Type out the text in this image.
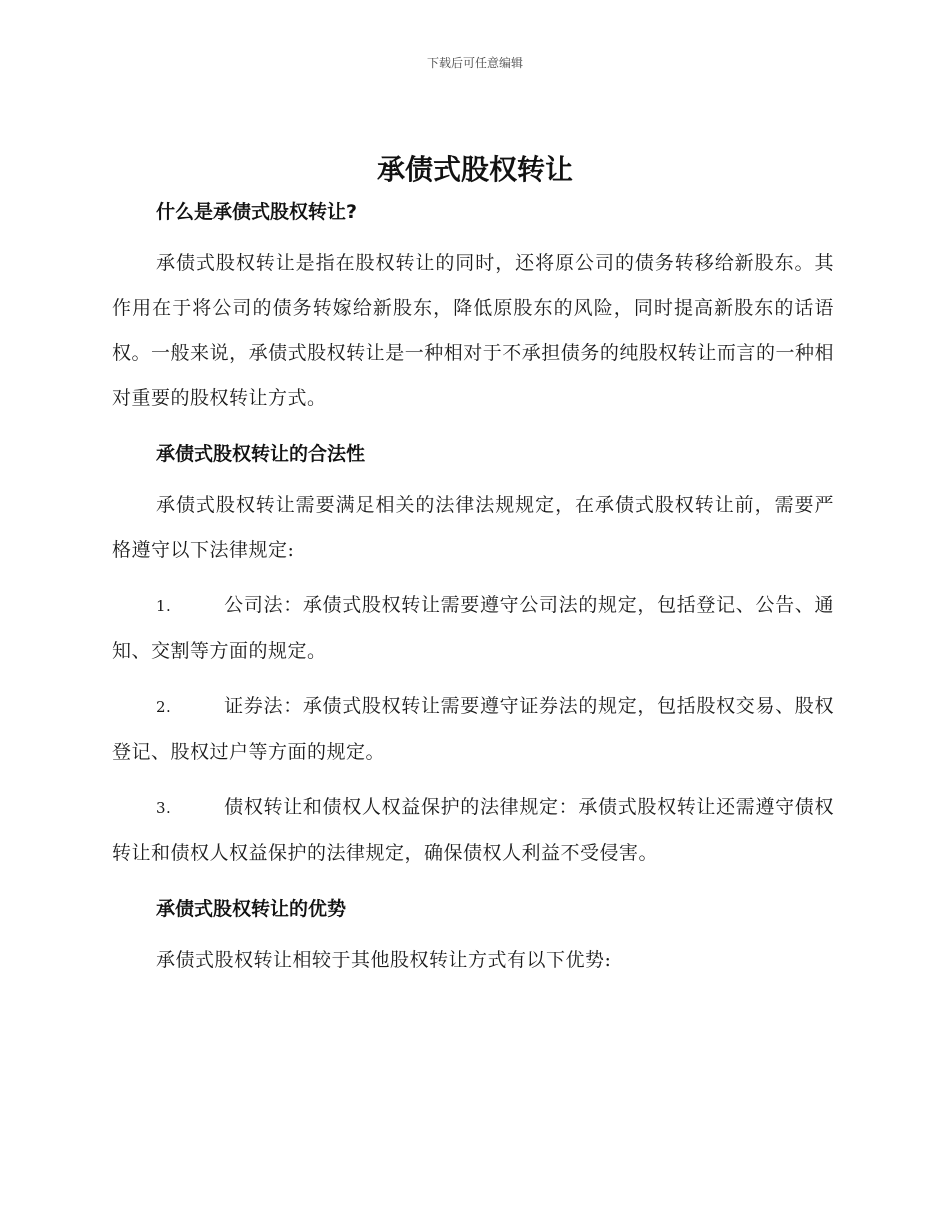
下载后可任意编辑
承债式股权转让

什么是承债式股权转让?

承债式股权转让是指在股权转让的同时，还将原公司的债务转移给新股东。其作用在于将公司的债务转嫁给新股东，降低原股东的风险，同时提高新股东的话语权。一般来说，承债式股权转让是一种相对于不承担债务的纯股权转让而言的一种相对重要的股权转让方式。

承债式股权转让的合法性

承债式股权转让需要满足相关的法律法规规定，在承债式股权转让前，需要严格遵守以下法律规定:

1.	公司法：承债式股权转让需要遵守公司法的规定，包括登记、公告、通知、交割等方面的规定。

2.	证券法：承债式股权转让需要遵守证券法的规定，包括股权交易、股权登记、股权过户等方面的规定。

3.	债权转让和债权人权益保护的法律规定：承债式股权转让还需遵守债权转让和债权人权益保护的法律规定，确保债权人利益不受侵害。

承债式股权转让的优势

承债式股权转让相较于其他股权转让方式有以下优势:
